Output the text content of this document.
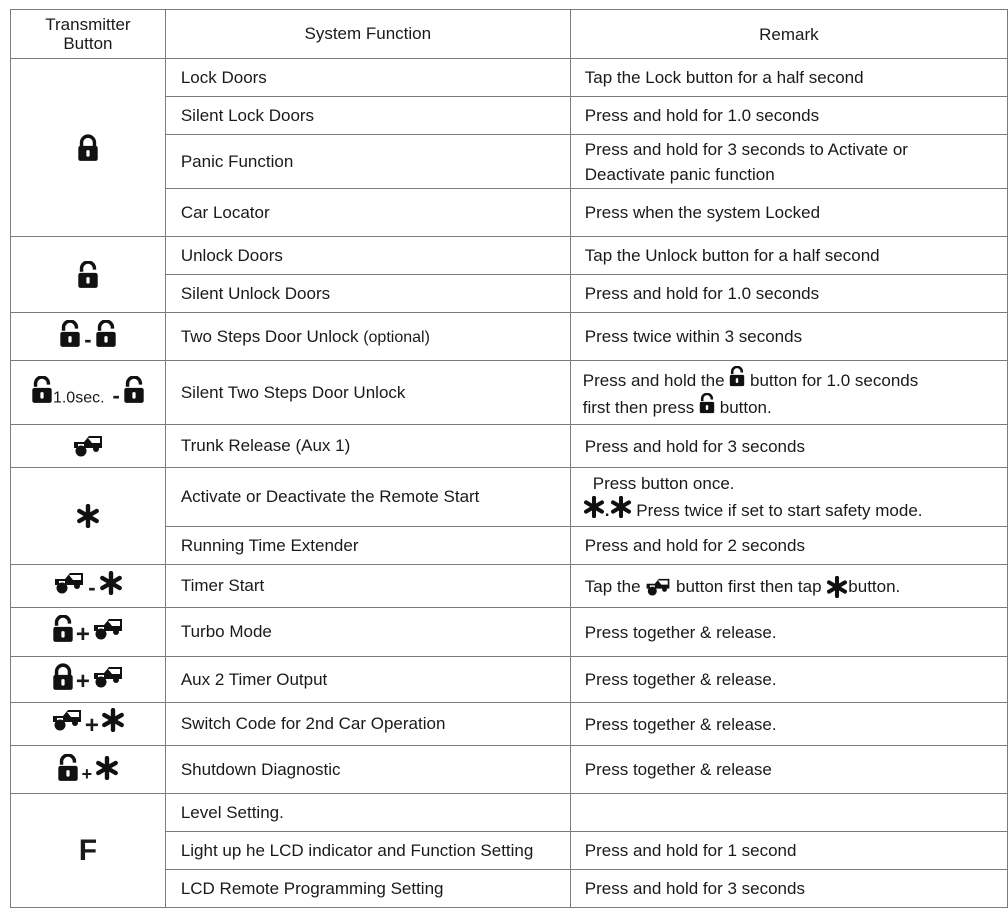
Transmitter
Button	System Function	Remark
	Lock Doors	Tap the Lock button for a half second
	Silent Lock Doors	Press and hold for 1.0 seconds
	Panic Function	Press and hold for 3 seconds to Activate or
Deactivate panic function

	Car Locator	Press when the system Locked
	Unlock Doors	Tap the Unlock button for a half second
	Silent Unlock Doors	Press and hold for 1.0 seconds
-	Two Steps Door Unlock (optional)	Press twice within 3 seconds
1.0sec. -	Silent Two Steps Door Unlock	Press and hold the button for 1.0 seconds
first then press button.

	Trunk Release (Aux 1)	Press and hold for 3 seconds
	Activate or Deactivate the Remote Start	Press button once.
. Press twice if set to start safety mode.

	Running Time Extender	Press and hold for 2 seconds
-	Timer Start	Tap the button first then tap button.
+	Turbo Mode	Press together & release.
+	Aux 2 Timer Output	Press together & release.
+	Switch Code for 2nd Car Operation	Press together & release.
+	Shutdown Diagnostic	Press together & release
F	Level Setting.	
	Light up he LCD indicator and Function Setting	Press and hold for 1 second
	LCD Remote Programming Setting	Press and hold for 3 seconds
